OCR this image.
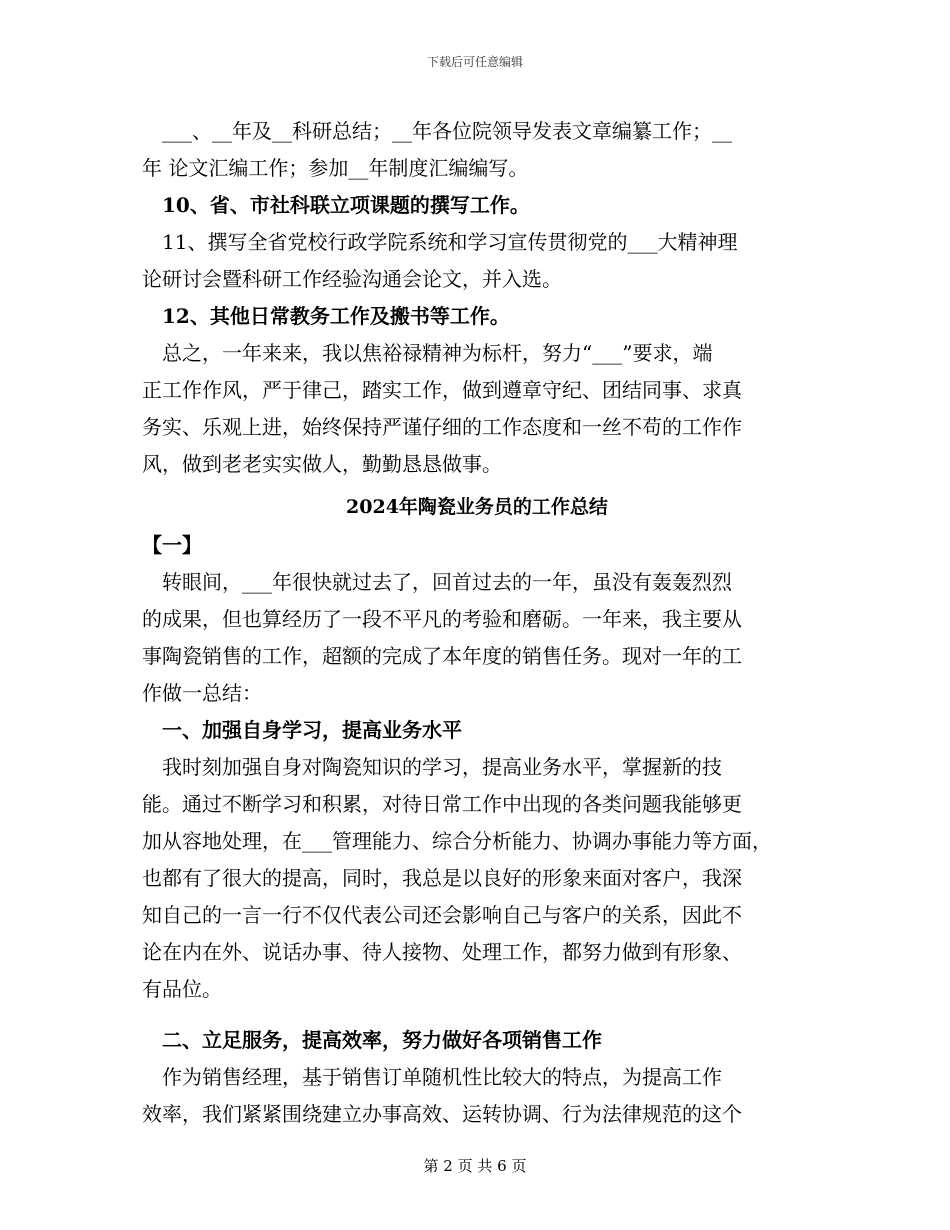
下载后可任意编辑
　___、__年及__科研总结；__年各位院领导发表文章编纂工作；__
年 论文汇编工作；参加__年制度汇编编写。
　10、省、市社科联立项课题的撰写工作。
　11、撰写全省党校行政学院系统和学习宣传贯彻党的___大精神理
论研讨会暨科研工作经验沟通会论文，并入选。
　12、其他日常教务工作及搬书等工作。
　总之，一年来来，我以焦裕禄精神为标杆，努力“___”要求，端
正工作作风，严于律己，踏实工作，做到遵章守纪、团结同事、求真
务实、乐观上进，始终保持严谨仔细的工作态度和一丝不苟的工作作
风，做到老老实实做人，勤勤恳恳做事。
2024年陶瓷业务员的工作总结
【一】
　转眼间，___年很快就过去了，回首过去的一年，虽没有轰轰烈烈
的成果，但也算经历了一段不平凡的考验和磨砺。一年来，我主要从
事陶瓷销售的工作，超额的完成了本年度的销售任务。现对一年的工
作做一总结：
　一、加强自身学习，提高业务水平
　我时刻加强自身对陶瓷知识的学习，提高业务水平，掌握新的技
能。通过不断学习和积累，对待日常工作中出现的各类问题我能够更
加从容地处理，在___管理能力、综合分析能力、协调办事能力等方面，
也都有了很大的提高，同时，我总是以良好的形象来面对客户，我深
知自己的一言一行不仅代表公司还会影响自己与客户的关系，因此不
论在内在外、说话办事、待人接物、处理工作，都努力做到有形象、
有品位。
　二、立足服务，提高效率，努力做好各项销售工作
　作为销售经理，基于销售订单随机性比较大的特点，为提高工作
效率，我们紧紧围绕建立办事高效、运转协调、行为法律规范的这个
第 2 页 共 6 页
